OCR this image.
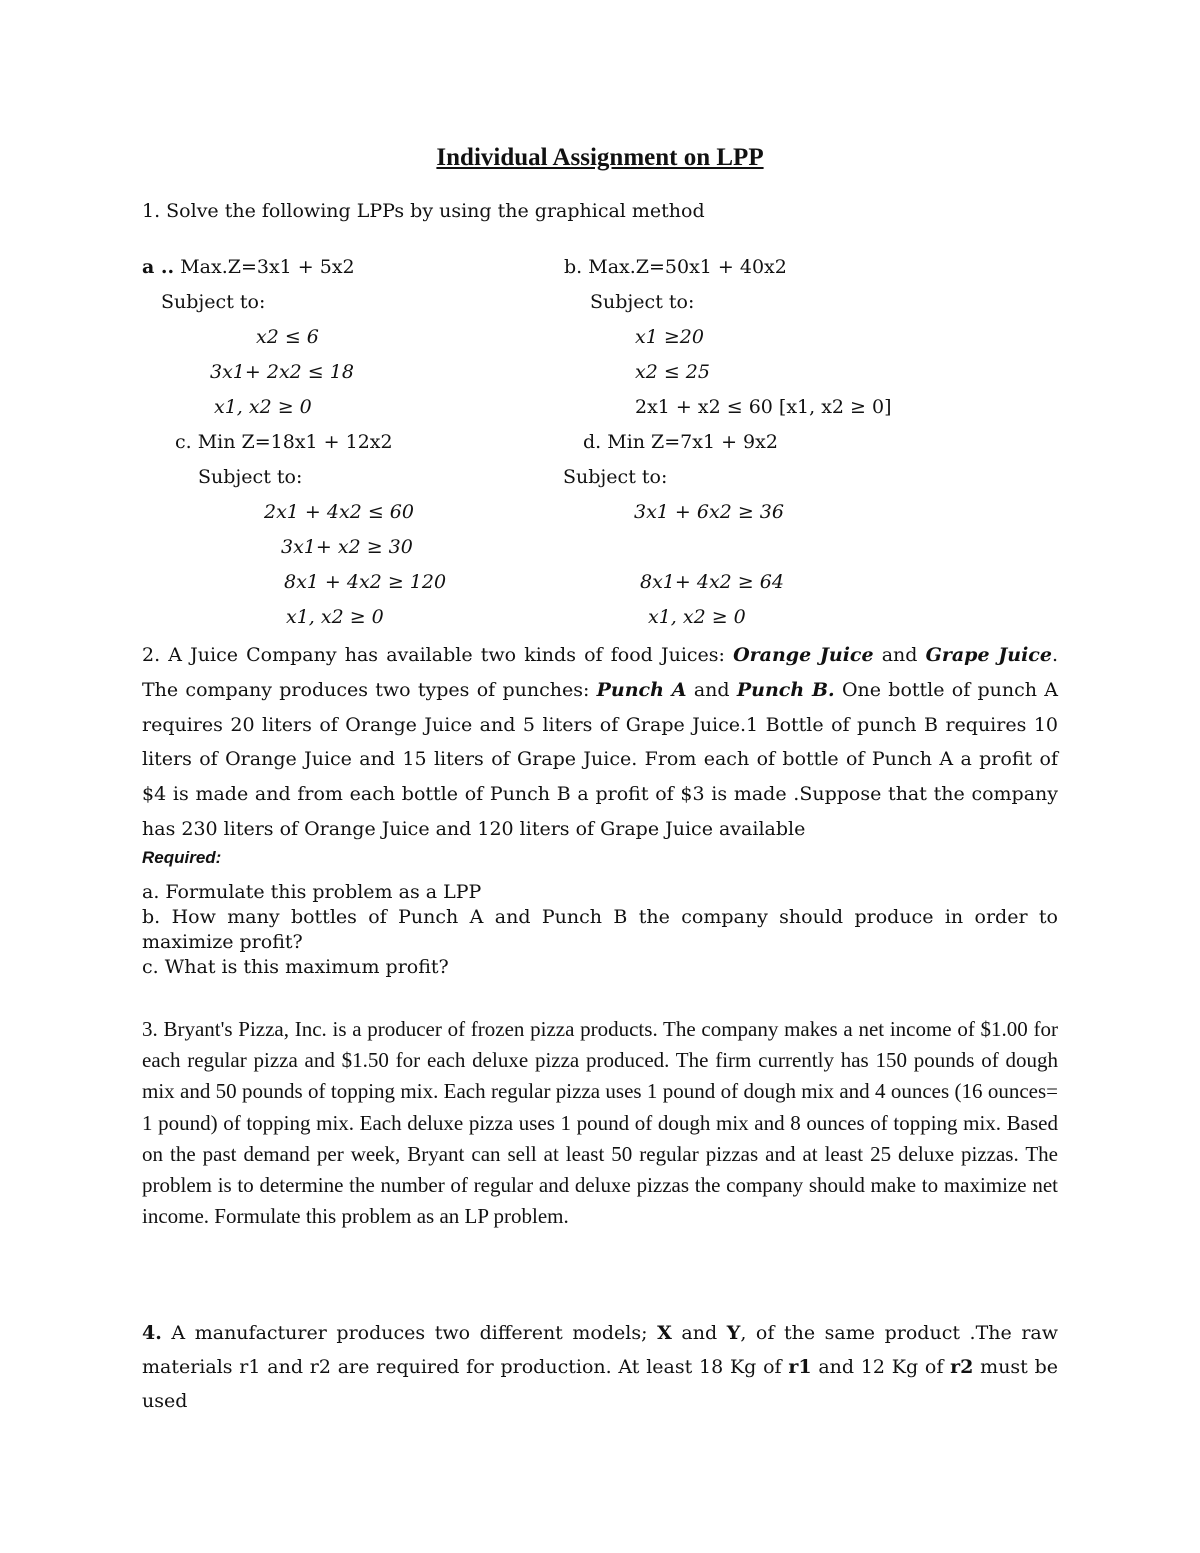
Individual Assignment on LPP
1. Solve the following LPPs by using the graphical method
a .. Max.Z=3x1 + 5x2
Subject to:
x2 ≤ 6
3x1+ 2x2 ≤ 18
x1, x2 ≥ 0
b. Max.Z=50x1 + 40x2
Subject to:
x1 ≥20
x2 ≤ 25
2x1 + x2 ≤ 60 [x1, x2 ≥ 0]
c. Min Z=18x1 + 12x2
Subject to:
2x1 + 4x2 ≤ 60
3x1+ x2 ≥ 30
8x1 + 4x2 ≥ 120
x1, x2 ≥ 0
d. Min Z=7x1 + 9x2
Subject to:
3x1 + 6x2 ≥ 36
8x1+ 4x2 ≥ 64
x1, x2 ≥ 0
2. A Juice Company has available two kinds of food Juices: Orange Juice and Grape Juice. The company produces two types of punches: Punch A and Punch B. One bottle of punch A requires 20 liters of Orange Juice and 5 liters of Grape Juice.1 Bottle of punch B requires 10 liters of Orange Juice and 15 liters of Grape Juice. From each of bottle of Punch A a profit of $4 is made and from each bottle of Punch B a profit of $3 is made .Suppose that the company has 230 liters of Orange Juice and 120 liters of Grape Juice available
Required:
a. Formulate this problem as a LPP
b. How many bottles of Punch A and Punch B the company should produce in order to maximize profit?
c. What is this maximum profit?
3. Bryant's Pizza, Inc. is a producer of frozen pizza products. The company makes a net income of $1.00 for each regular pizza and $1.50 for each deluxe pizza produced. The firm currently has 150 pounds of dough mix and 50 pounds of topping mix. Each regular pizza uses 1 pound of dough mix and 4 ounces (16 ounces= 1 pound) of topping mix. Each deluxe pizza uses 1 pound of dough mix and 8 ounces of topping mix. Based on the past demand per week, Bryant can sell at least 50 regular pizzas and at least 25 deluxe pizzas. The problem is to determine the number of regular and deluxe pizzas the company should make to maximize net income. Formulate this problem as an LP problem.
4. A manufacturer produces two different models; X and Y, of the same product .The raw materials r1 and r2 are required for production. At least 18 Kg of r1 and 12 Kg of r2 must be used
